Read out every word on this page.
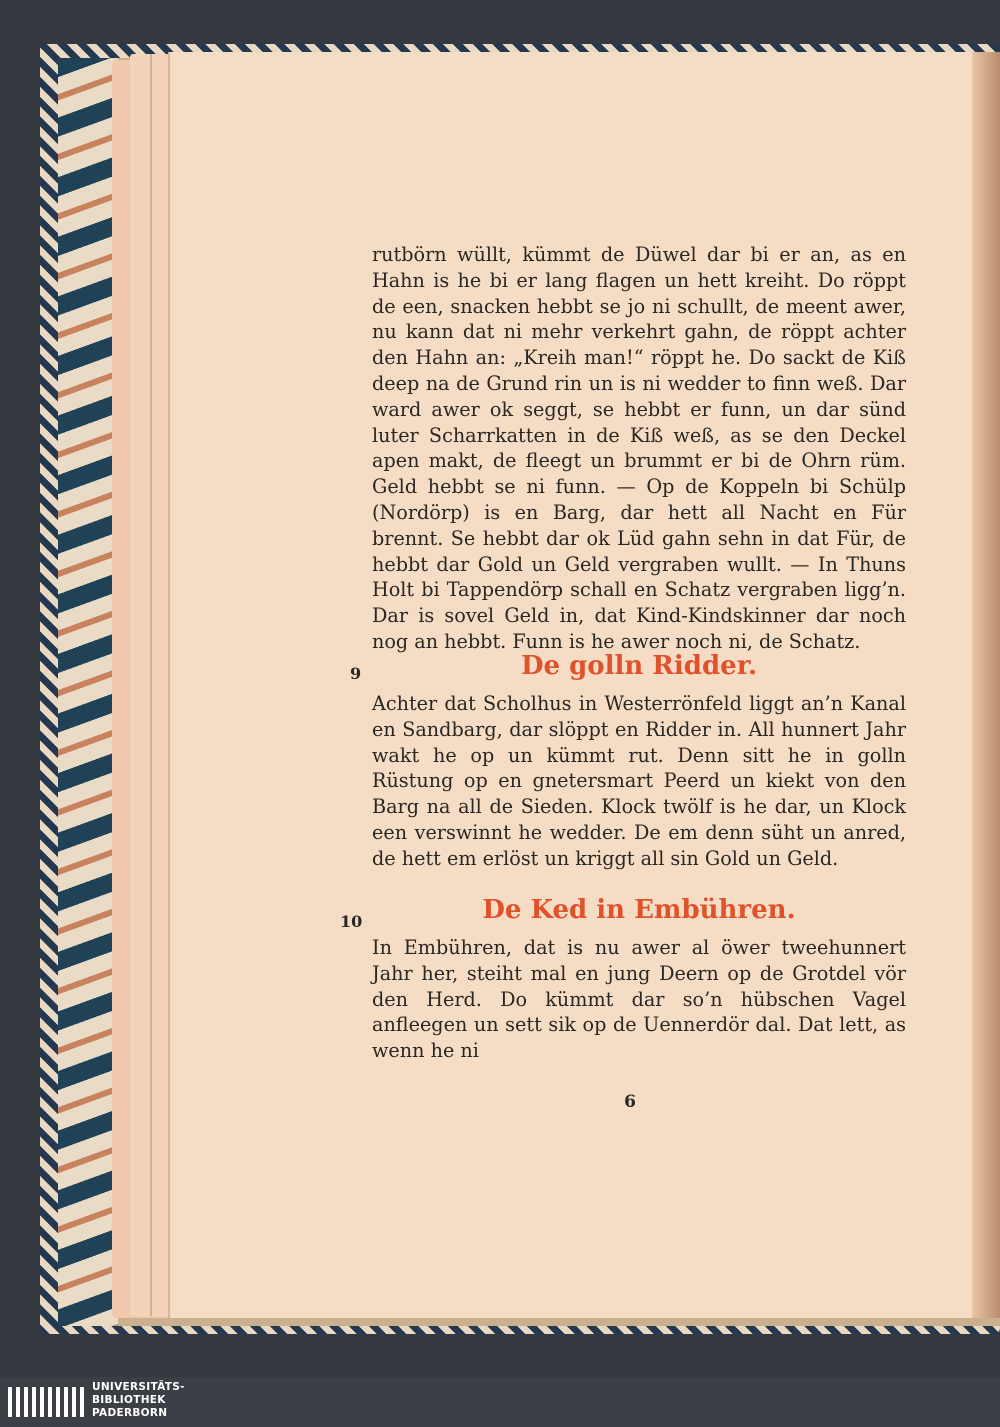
rutbörn wüllt, kümmt de Düwel dar bi er an, as en Hahn is he bi er lang flagen un hett kreiht. Do röppt de een, snacken hebbt se jo ni schullt, de meent awer, nu kann dat ni mehr verkehrt gahn, de röppt achter den Hahn an: „Kreih man!“ röppt he. Do sackt de Kiß deep na de Grund rin un is ni wedder to finn weß. Dar ward awer ok seggt, se hebbt er funn, un dar sünd luter Scharrkatten in de Kiß weß, as se den Deckel apen makt, de fleegt un brummt er bi de Ohrn rüm. Geld hebbt se ni funn. — Op de Koppeln bi Schülp (Nordörp) is en Barg, dar hett all Nacht en Für brennt. Se hebbt dar ok Lüd gahn sehn in dat Für, de hebbt dar Gold un Geld vergraben wullt. — In Thuns Holt bi Tappendörp schall en Schatz vergraben ligg’n. Dar is sovel Geld in, dat Kind-Kindskinner dar noch nog an hebbt. Funn is he awer noch ni, de Schatz.

9	De golln Ridder.

Achter dat Scholhus in Westerrönfeld liggt an’n Kanal en Sandbarg, dar slöppt en Ridder in. All hunnert Jahr wakt he op un kümmt rut. Denn sitt he in golln Rüstung op en gnetersmart Peerd un kiekt von den Barg na all de Sieden. Klock twölf is he dar, un Klock een verswinnt he wedder. De em denn süht un anred, de hett em erlöst un kriggt all sin Gold un Geld.

10	De Ked in Embühren.

In Embühren, dat is nu awer al öwer tweehunnert Jahr her, steiht mal en jung Deern op de Grotdel vör den Herd. Do kümmt dar so’n hübschen Vagel anfleegen un sett sik op de Uennerdör dal. Dat lett, as wenn he ni

6
UNIVERSITÄTS-
BIBLIOTHEK
PADERBORN
